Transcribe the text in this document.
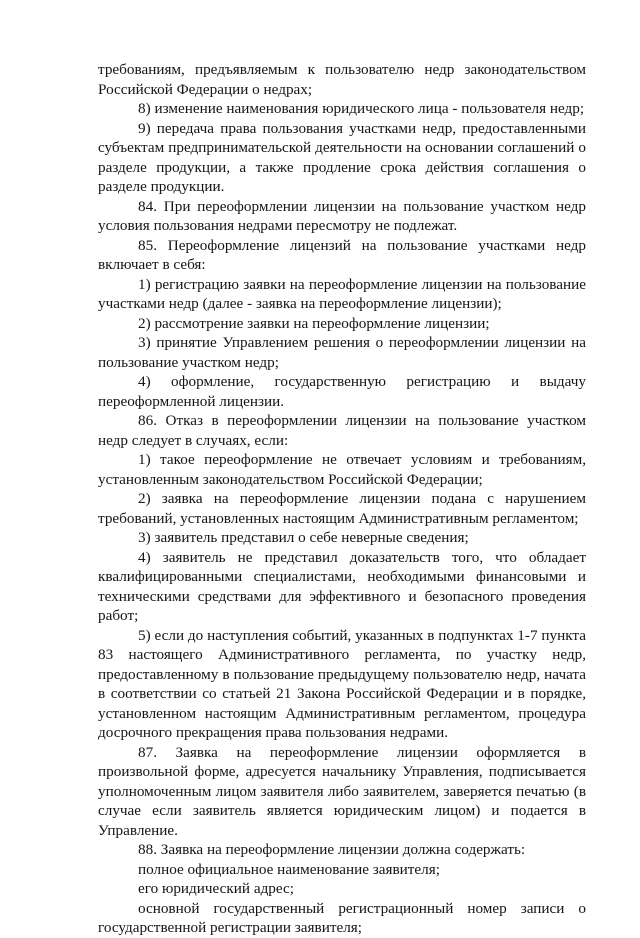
требованиям, предъявляемым к пользователю недр законодательством Российской Федерации о недрах;

8) изменение наименования юридического лица - пользователя недр;

9) передача права пользования участками недр, предоставленными субъектам предпринимательской деятельности на основании соглашений о разделе продукции, а также продление срока действия соглашения о разделе продукции.

84. При переоформлении лицензии на пользование участком недр условия пользования недрами пересмотру не подлежат.

85. Переоформление лицензий на пользование участками недр включает в себя:

1) регистрацию заявки на переоформление лицензии на пользование участками недр (далее - заявка на переоформление лицензии);

2) рассмотрение заявки на переоформление лицензии;

3) принятие Управлением решения о переоформлении лицензии на пользование участком недр;

4) оформление, государственную регистрацию и выдачу переоформленной лицензии.

86. Отказ в переоформлении лицензии на пользование участком недр следует в случаях, если:

1) такое переоформление не отвечает условиям и требованиям, установленным законодательством Российской Федерации;

2) заявка на переоформление лицензии подана с нарушением требований, установленных настоящим Административным регламентом;

3) заявитель представил о себе неверные сведения;

4) заявитель не представил доказательств того, что обладает квалифицированными специалистами, необходимыми финансовыми и техническими средствами для эффективного и безопасного проведения работ;

5) если до наступления событий, указанных в подпунктах 1-7 пункта 83 настоящего Административного регламента, по участку недр, предоставленному в пользование предыдущему пользователю недр, начата в соответствии со статьей 21 Закона Российской Федерации и в порядке, установленном настоящим Административным регламентом, процедура досрочного прекращения права пользования недрами.

87. Заявка на переоформление лицензии оформляется в произвольной форме, адресуется начальнику Управления, подписывается уполномоченным лицом заявителя либо заявителем, заверяется печатью (в случае если заявитель является юридическим лицом) и подается в Управление.

88. Заявка на переоформление лицензии должна содержать:

полное официальное наименование заявителя;

его юридический адрес;

основной государственный регистрационный номер записи о государственной регистрации заявителя;
